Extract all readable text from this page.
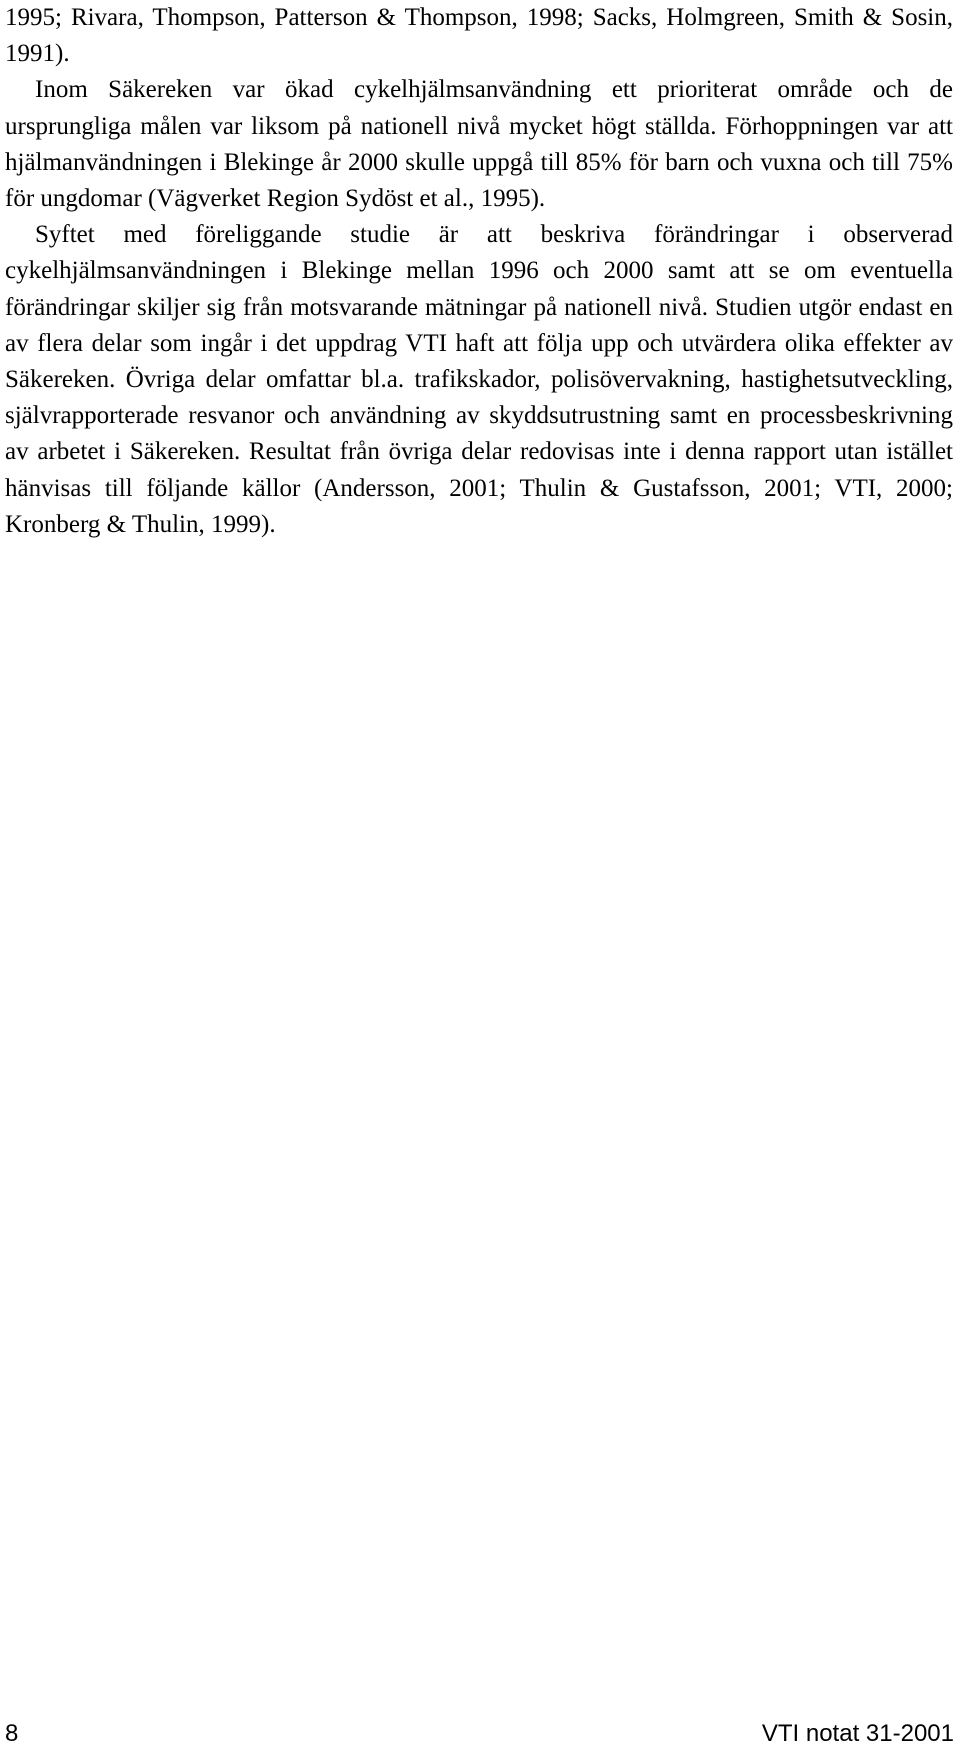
1995; Rivara, Thompson, Patterson & Thompson, 1998; Sacks, Holmgreen, Smith & Sosin, 1991).

Inom Säkereken var ökad cykelhjälmsanvändning ett prioriterat område och de ursprungliga målen var liksom på nationell nivå mycket högt ställda. Förhoppningen var att hjälmanvändningen i Blekinge år 2000 skulle uppgå till 85% för barn och vuxna och till 75% för ungdomar (Vägverket Region Sydöst et al., 1995).

Syftet med föreliggande studie är att beskriva förändringar i observerad cykelhjälmsanvändningen i Blekinge mellan 1996 och 2000 samt att se om eventuella förändringar skiljer sig från motsvarande mätningar på nationell nivå. Studien utgör endast en av flera delar som ingår i det uppdrag VTI haft att följa upp och utvärdera olika effekter av Säkereken. Övriga delar omfattar bl.a. trafikskador, polisövervakning, hastighetsutveckling, självrapporterade resvanor och användning av skyddsutrustning samt en processbeskrivning av arbetet i Säkereken. Resultat från övriga delar redovisas inte i denna rapport utan istället hänvisas till följande källor (Andersson, 2001; Thulin & Gustafsson, 2001; VTI, 2000; Kronberg & Thulin, 1999).

8	VTI notat 31-2001
